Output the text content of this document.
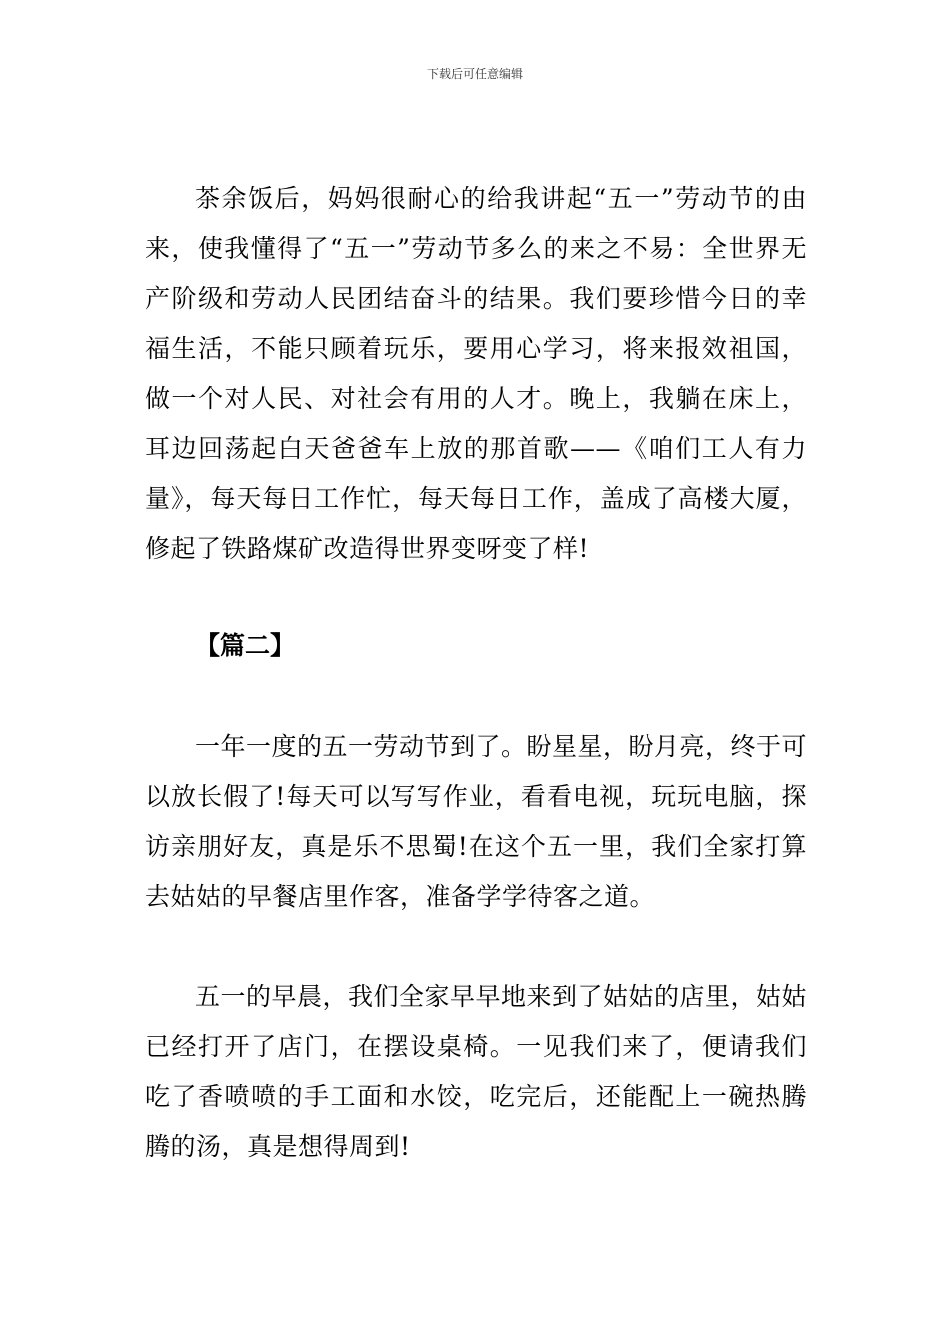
下载后可任意编辑

茶余饭后，妈妈很耐心的给我讲起“五一”劳动节的由来，使我懂得了“五一”劳动节多么的来之不易：全世界无产阶级和劳动人民团结奋斗的结果。我们要珍惜今日的幸福生活，不能只顾着玩乐，要用心学习，将来报效祖国，做一个对人民、对社会有用的人才。晚上，我躺在床上，耳边回荡起白天爸爸车上放的那首歌——《咱们工人有力量》，每天每日工作忙，每天每日工作，盖成了高楼大厦，修起了铁路煤矿改造得世界变呀变了样!

【篇二】

一年一度的五一劳动节到了。盼星星，盼月亮，终于可以放长假了!每天可以写写作业，看看电视，玩玩电脑，探访亲朋好友，真是乐不思蜀!在这个五一里，我们全家打算去姑姑的早餐店里作客，准备学学待客之道。

五一的早晨，我们全家早早地来到了姑姑的店里，姑姑已经打开了店门，在摆设桌椅。一见我们来了，便请我们吃了香喷喷的手工面和水饺，吃完后，还能配上一碗热腾腾的汤，真是想得周到!
